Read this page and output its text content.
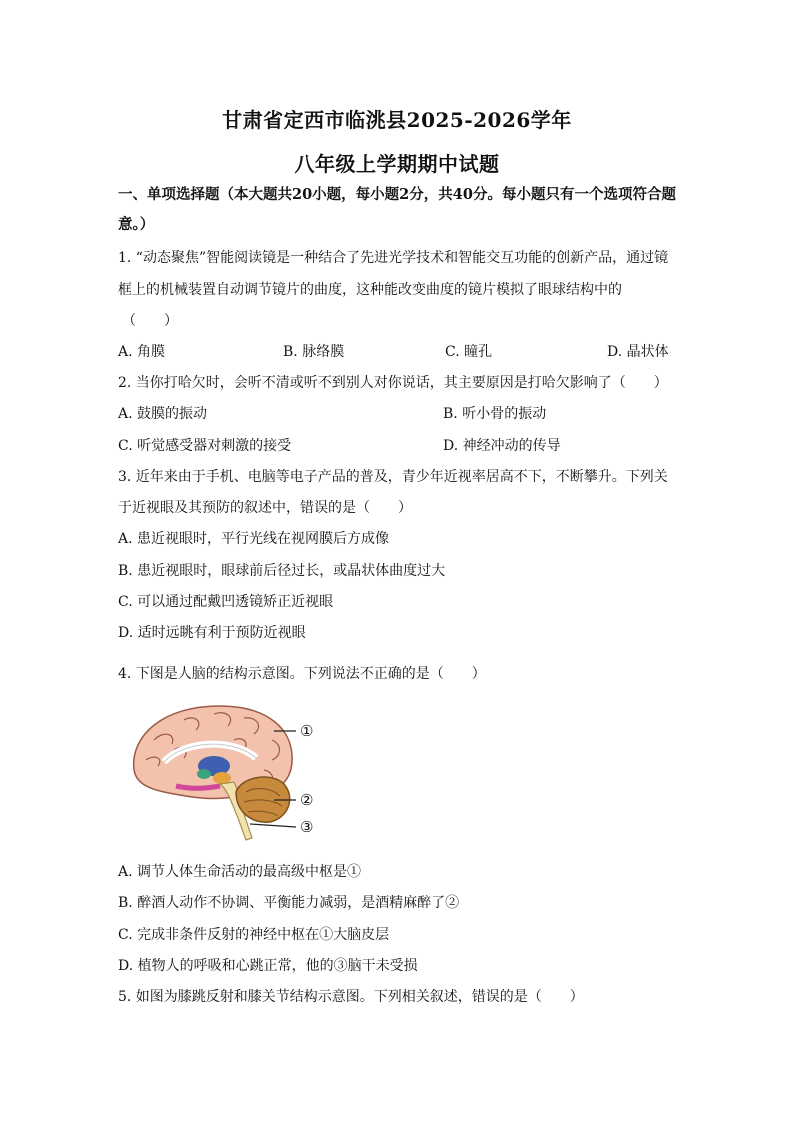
甘肃省定西市临洮县2025-2026学年
八年级上学期期中试题
一、单项选择题（本大题共20小题，每小题2分，共40分。每小题只有一个选项符合题意。）
1. “动态聚焦”智能阅读镜是一种结合了先进光学技术和智能交互功能的创新产品，通过镜
框上的机械装置自动调节镜片的曲度，这种能改变曲度的镜片模拟了眼球结构中的
（　　）
A. 角膜	B. 脉络膜	C. 瞳孔	D. 晶状体
2. 当你打哈欠时，会听不清或听不到别人对你说话，其主要原因是打哈欠影响了（　　）
A. 鼓膜的振动	B. 听小骨的振动
C. 听觉感受器对刺激的接受	D. 神经冲动的传导
3. 近年来由于手机、电脑等电子产品的普及，青少年近视率居高不下，不断攀升。下列关
于近视眼及其预防的叙述中，错误的是（　　）
A. 患近视眼时，平行光线在视网膜后方成像
B. 患近视眼时，眼球前后径过长，或晶状体曲度过大
C. 可以通过配戴凹透镜矫正近视眼
D. 适时远眺有利于预防近视眼
4. 下图是人脑的结构示意图。下列说法不正确的是（　　）
①
②
③
A. 调节人体生命活动的最高级中枢是①
B. 醉酒人动作不协调、平衡能力减弱，是酒精麻醉了②
C. 完成非条件反射的神经中枢在①大脑皮层
D. 植物人的呼吸和心跳正常，他的③脑干未受损
5. 如图为膝跳反射和膝关节结构示意图。下列相关叙述，错误的是（　　）
